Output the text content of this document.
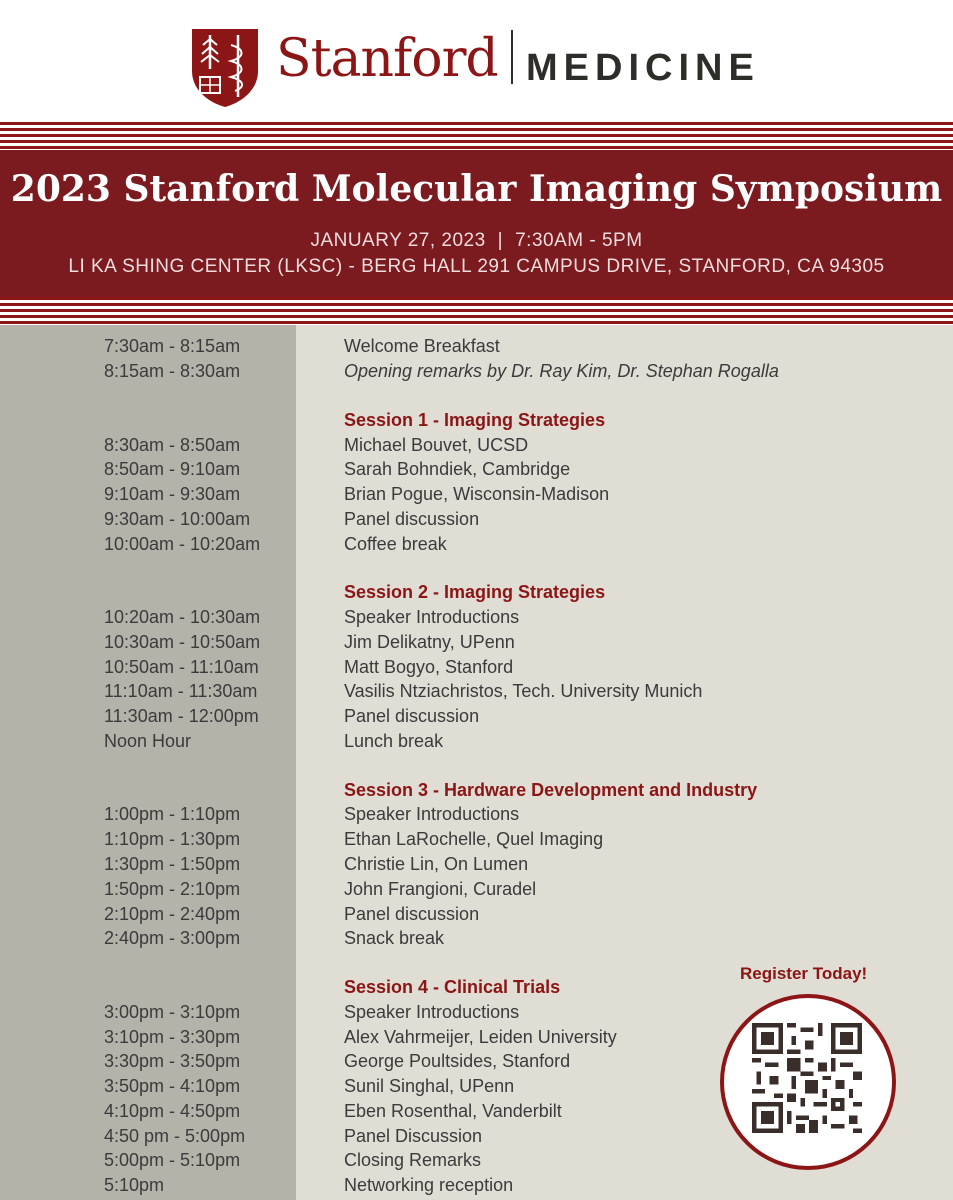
Stanford MEDICINE
2023 Stanford Molecular Imaging Symposium
JANUARY 27, 2023 | 7:30AM - 5PM
LI KA SHING CENTER (LKSC) - BERG HALL 291 CAMPUS DRIVE, STANFORD, CA 94305
7:30am - 8:15am	Welcome Breakfast
8:15am - 8:30am	Opening remarks by Dr. Ray Kim, Dr. Stephan Rogalla
Session 1 - Imaging Strategies
8:30am - 8:50am	Michael Bouvet, UCSD
8:50am - 9:10am	Sarah Bohndiek, Cambridge
9:10am - 9:30am	Brian Pogue, Wisconsin-Madison
9:30am - 10:00am	Panel discussion
10:00am - 10:20am	Coffee break
Session 2 - Imaging Strategies
10:20am - 10:30am	Speaker Introductions
10:30am - 10:50am	Jim Delikatny, UPenn
10:50am - 11:10am	Matt Bogyo, Stanford
11:10am - 11:30am	Vasilis Ntziachristos, Tech. University Munich
11:30am - 12:00pm	Panel discussion
Noon Hour	Lunch break
Session 3 - Hardware Development and Industry
1:00pm - 1:10pm	Speaker Introductions
1:10pm - 1:30pm	Ethan LaRochelle, Quel Imaging
1:30pm - 1:50pm	Christie Lin, On Lumen
1:50pm - 2:10pm	John Frangioni, Curadel
2:10pm - 2:40pm	Panel discussion
2:40pm - 3:00pm	Snack break
Session 4 - Clinical Trials
3:00pm - 3:10pm	Speaker Introductions
3:10pm - 3:30pm	Alex Vahrmeijer, Leiden University
3:30pm - 3:50pm	George Poultsides, Stanford
3:50pm - 4:10pm	Sunil Singhal, UPenn
4:10pm - 4:50pm	Eben Rosenthal, Vanderbilt
4:50 pm - 5:00pm	Panel Discussion
5:00pm - 5:10pm	Closing Remarks
5:10pm	Networking reception
Register Today!
